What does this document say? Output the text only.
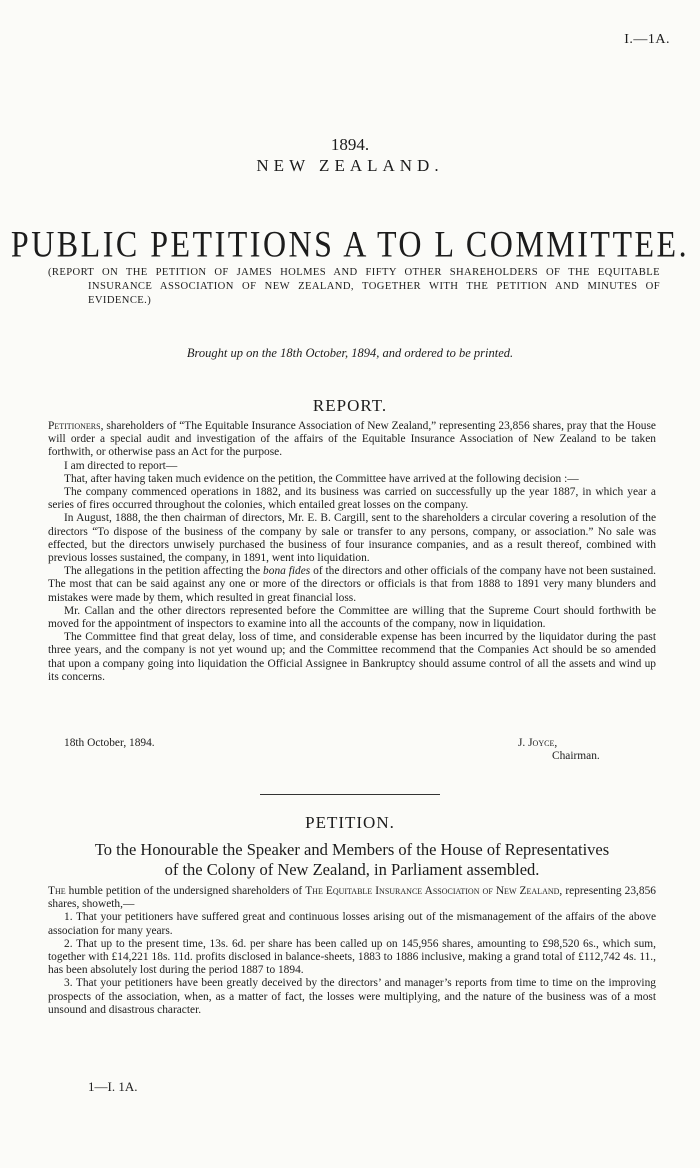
I.—1A.
1894.
NEW ZEALAND.
PUBLIC PETITIONS A TO L COMMITTEE.
(REPORT ON THE PETITION OF JAMES HOLMES AND FIFTY OTHER SHAREHOLDERS OF THE EQUITABLE INSURANCE ASSOCIATION OF NEW ZEALAND, TOGETHER WITH THE PETITION AND MINUTES OF EVIDENCE.)
Brought up on the 18th October, 1894, and ordered to be printed.
REPORT.

Petitioners, shareholders of “The Equitable Insurance Association of New Zealand,” representing 23,856 shares, pray that the House will order a special audit and investigation of the affairs of the Equitable Insurance Association of New Zealand to be taken forthwith, or otherwise pass an Act for the purpose.

I am directed to report—

That, after having taken much evidence on the petition, the Committee have arrived at the following decision :—

The company commenced operations in 1882, and its business was carried on successfully up the year 1887, in which year a series of fires occurred throughout the colonies, which entailed great losses on the company.

In August, 1888, the then chairman of directors, Mr. E. B. Cargill, sent to the shareholders a circular covering a resolution of the directors “To dispose of the business of the company by sale or transfer to any persons, company, or association.” No sale was effected, but the directors unwisely purchased the business of four insurance companies, and as a result thereof, combined with previous losses sustained, the company, in 1891, went into liquidation.

The allegations in the petition affecting the bona fides of the directors and other officials of the company have not been sustained. The most that can be said against any one or more of the directors or officials is that from 1888 to 1891 very many blunders and mistakes were made by them, which resulted in great financial loss.

Mr. Callan and the other directors represented before the Committee are willing that the Supreme Court should forthwith be moved for the appointment of inspectors to examine into all the accounts of the company, now in liquidation.

The Committee find that great delay, loss of time, and considerable expense has been incurred by the liquidator during the past three years, and the company is not yet wound up; and the Committee recommend that the Companies Act should be so amended that upon a company going into liquidation the Official Assignee in Bankruptcy should assume control of all the assets and wind up its concerns.

18th October, 1894.	J. Joyce,
Chairman.
PETITION.
To the Honourable the Speaker and Members of the House of Representatives
of the Colony of New Zealand, in Parliament assembled.

The humble petition of the undersigned shareholders of The Equitable Insurance Association of New Zealand, representing 23,856 shares, showeth,—

1. That your petitioners have suffered great and continuous losses arising out of the mismanagement of the affairs of the above association for many years.

2. That up to the present time, 13s. 6d. per share has been called up on 145,956 shares, amounting to £98,520 6s., which sum, together with £14,221 18s. 11d. profits disclosed in balance-sheets, 1883 to 1886 inclusive, making a grand total of £112,742 4s. 11., has been absolutely lost during the period 1887 to 1894.

3. That your petitioners have been greatly deceived by the directors’ and manager’s reports from time to time on the improving prospects of the association, when, as a matter of fact, the losses were multiplying, and the nature of the business was of a most unsound and disastrous character.

1—I. 1A.
